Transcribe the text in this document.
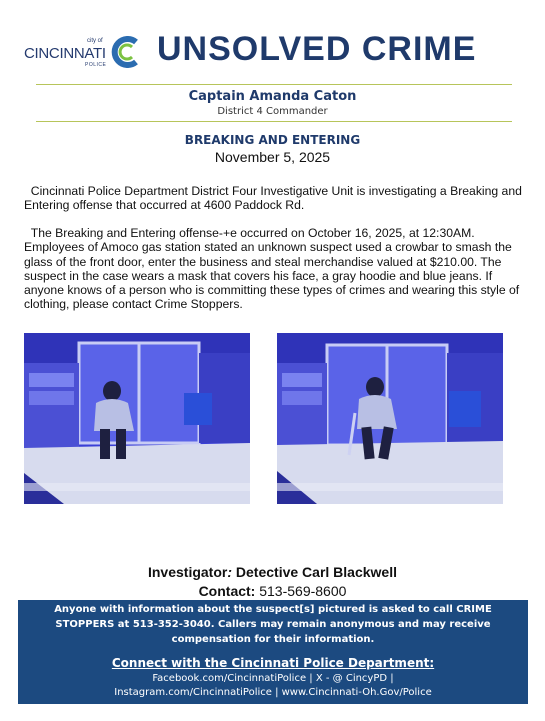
city of
CINCINNATI
POLICE UNSOLVED CRIME
Captain Amanda Caton
District 4 Commander
BREAKING AND ENTERING
November 5, 2025
Cincinnati Police Department District Four Investigative Unit is investigating a Breaking and Entering offense that occurred at 4600 Paddock Rd.
The Breaking and Entering offense-+e occurred on October 16, 2025, at 12:30AM. Employees of Amoco gas station stated an unknown suspect used a crowbar to smash the glass of the front door, enter the business and steal merchandise valued at $210.00. The suspect in the case wears a mask that covers his face, a gray hoodie and blue jeans. If anyone knows of a person who is committing these types of crimes and wearing this style of clothing, please contact Crime Stoppers.
Investigator: Detective Carl Blackwell
Contact: 513-569-8600
Anyone with information about the suspect[s] pictured is asked to call CRIME STOPPERS at 513-352-3040. Callers may remain anonymous and may receive compensation for their information.
Connect with the Cincinnati Police Department:
Facebook.com/CincinnatiPolice | X - @ CincyPD |
Instagram.com/CincinnatiPolice | www.Cincinnati-Oh.Gov/Police
